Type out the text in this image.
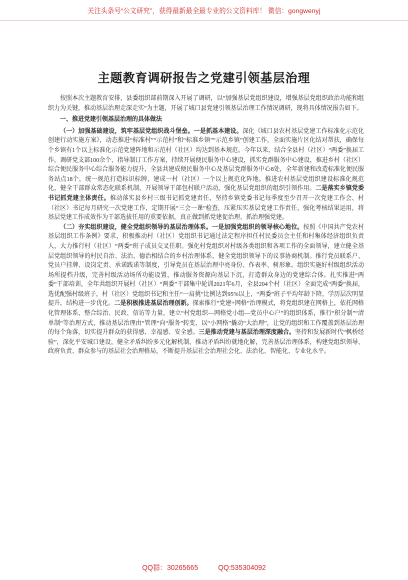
关注头条号“公文研究”，获得最新最全最专业的公文资料库！ 微信：gongwenyj
主题教育调研报告之党建引领基层治理

按照本次主题教育安排，县委组织部前期深入开展了调研，以“加强基层党组织建设，增强基层党组织政治功能和组织力为关键，推动基层治理走深走实”为主题，开展了城口县党建引领基层治理工作情况调研，现将具体情况报告如下。

一、推进党建引领基层治理的具体做法

（一）加强基础建设，筑牢基层党组织战斗堡垒。一是抓基本建设。深化《城口县农村基层党建工作标准化示范化创建行动实施方案》，动态推进“标准村”“示范村”和“标准乡镇”“示范乡镇”创建工作，全面实施片区化结对帮扶，确保每个乡镇有1个以上标准化示范党建阵地和示范村（社区）均达到基本规范。今年以来，结合全县村（社区）“两委”换届工作，调研党支部100余个，指导制订工作方案，持续开展便民服务中心建设，抓实党群服务中心建设，推进乡村（社区）综合便民服务中心综合服务能力提升，全县共建成便民服务中心及基层党群服务中心8处，全年新建和改造标准化便民服务站点18个，统一规范打造标识标牌，建成一村（社区）一个以上规范化阵地。推进农村基层党组织建设标准化规范化，健全干部群众常态化联系机制，开展领导干部包村联户活动，强化基层党组织的组织引领作用。二是落实乡镇党委书记抓党建主体责任。推动落实县乡村三级书记抓党建责任，坚持乡镇党委书记每季度至少召开一次党建工作会、村（社区）书记每月研究一次党建工作，定期开展“三会一课”检查，压紧压实基层党建工作责任，强化考核结果运用，将基层党建工作成效作为干部选拔任用的重要依据，真正做到抓党建促治理、抓治理强党建。

（二）夯实组织建设，健全党组织领导的基层治理体系。一是加强党组织的领导核心地位。按照《中国共产党农村基层组织工作条例》要求，积极推动村（社区）党组织书记通过法定程序担任村民委员会主任和村集体经济组织负责人，大力推行村（社区）“两委”班子成员交叉任职。强化村党组织对村级各类组织和各项工作的全面领导，建立健全基层党组织领导的村民自治、法治、德治相结合的乡村治理体系，健全党组织领导下的议事协商机制。推行党员联系户、党员户挂牌、设岗定责、承诺践诺等制度，引导党员在基层治理中亮身份、作表率、树形象。组织实施好村级组织活动场所提档升级，完善村级活动场所功能设置，推动服务资源向基层下沉，打造群众身边的党建综合体。扎实推进“两委”干部培训，全年共组织开展村（社区）“两委”干部集中轮训2021年6月，全县204个村（社区）全面完成“两委”换届，选优配强村级班子，村（社区）党组织书记和主任“一肩挑”比例达到95%以上，“两委”班子平均年龄下降，学历层次明显提升，结构进一步优化。二是积极推进基层治理创新。探索推行“党建+网格”治理模式，将党组织建在网格上，依托网格化管理体系，整合综治、民政、信访等力量，建立“村党组织—网格党小组—党员中心户”的组织体系，推行“积分制”“清单制”等治理方式，推动基层治理由“管理”向“服务”转变，以“小网格”撬动“大治理”，让党的组织和工作覆盖到基层治理的每个角落，切实提升群众的获得感、幸福感、安全感。三是推动党建与基层治理深度融合。坚持和发展新时代“枫桥经验”，深化平安城口建设，健全矛盾纠纷多元化解机制，推动矛盾纠纷就地化解，完善基层治理体系，构建党组织领导、政府负责、群众参与的基层社会治理格局，不断提升基层社会治理社会化、法治化、智能化、专业化水平。

QQ群：30265665	QQ:535304092
